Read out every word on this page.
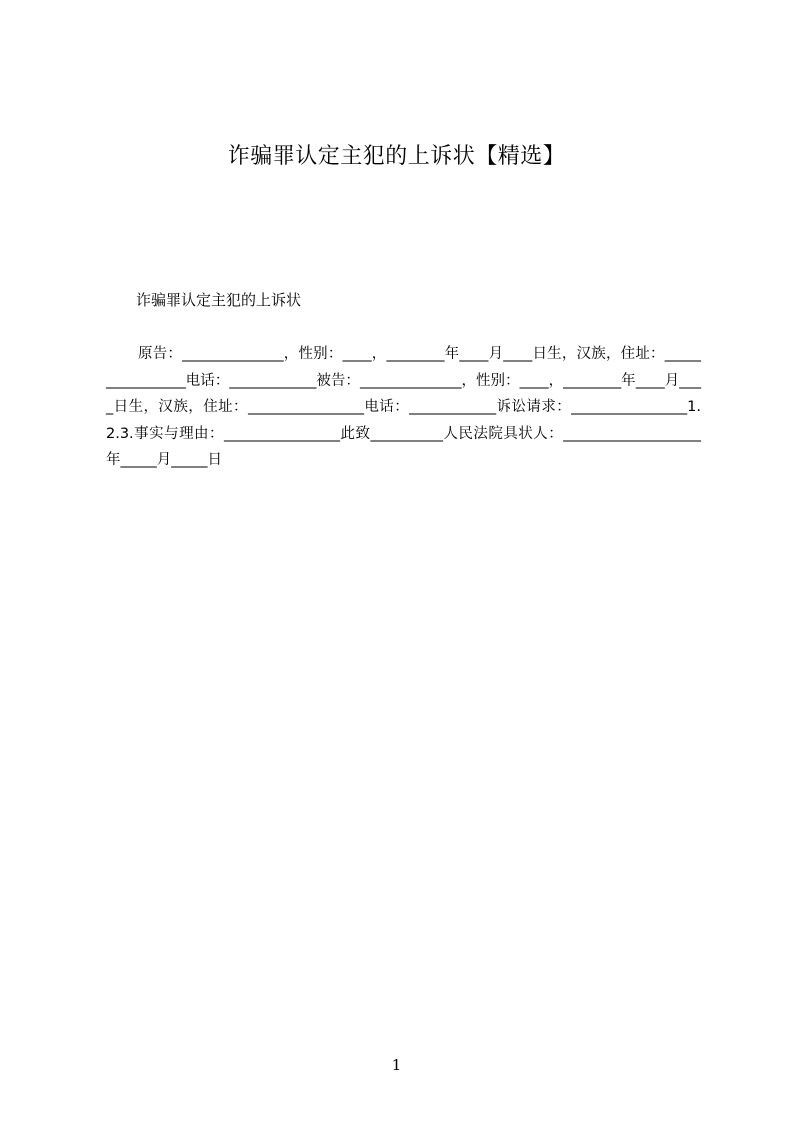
诈骗罪认定主犯的上诉状【精选】

诈骗罪认定主犯的上诉状

原告：______________，性别：____，________年____月____日生，汉族，住址：________________电话：____________被告：______________，性别：____，________年____月____日生，汉族，住址：________________电话：____________诉讼请求：________________1.2.3.事实与理由：________________此致__________人民法院具状人：___________________年_____月_____日

1
